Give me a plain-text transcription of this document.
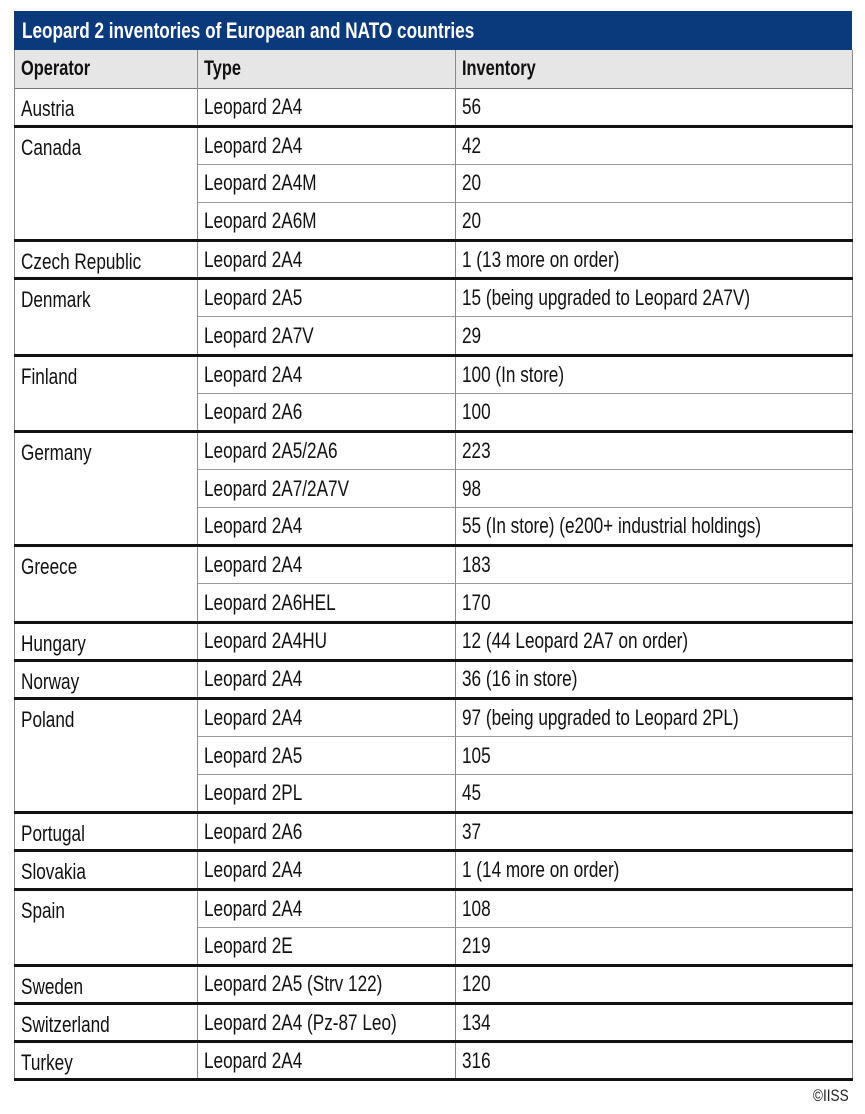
Leopard 2 inventories of European and NATO countries
Operator	Type	Inventory
Austria	Leopard 2A4	56
Canada	Leopard 2A4	42
	Leopard 2A4M	20
	Leopard 2A6M	20
Czech Republic	Leopard 2A4	1 (13 more on order)
Denmark	Leopard 2A5	15 (being upgraded to Leopard 2A7V)
	Leopard 2A7V	29
Finland	Leopard 2A4	100 (In store)
	Leopard 2A6	100
Germany	Leopard 2A5/2A6	223
	Leopard 2A7/2A7V	98
	Leopard 2A4	55 (In store) (e200+ industrial holdings)
Greece	Leopard 2A4	183
	Leopard 2A6HEL	170
Hungary	Leopard 2A4HU	12 (44 Leopard 2A7 on order)
Norway	Leopard 2A4	36 (16 in store)
Poland	Leopard 2A4	97 (being upgraded to Leopard 2PL)
	Leopard 2A5	105
	Leopard 2PL	45
Portugal	Leopard 2A6	37
Slovakia	Leopard 2A4	1 (14 more on order)
Spain	Leopard 2A4	108
	Leopard 2E	219
Sweden	Leopard 2A5 (Strv 122)	120
Switzerland	Leopard 2A4 (Pz-87 Leo)	134
Turkey	Leopard 2A4	316
©IISS
